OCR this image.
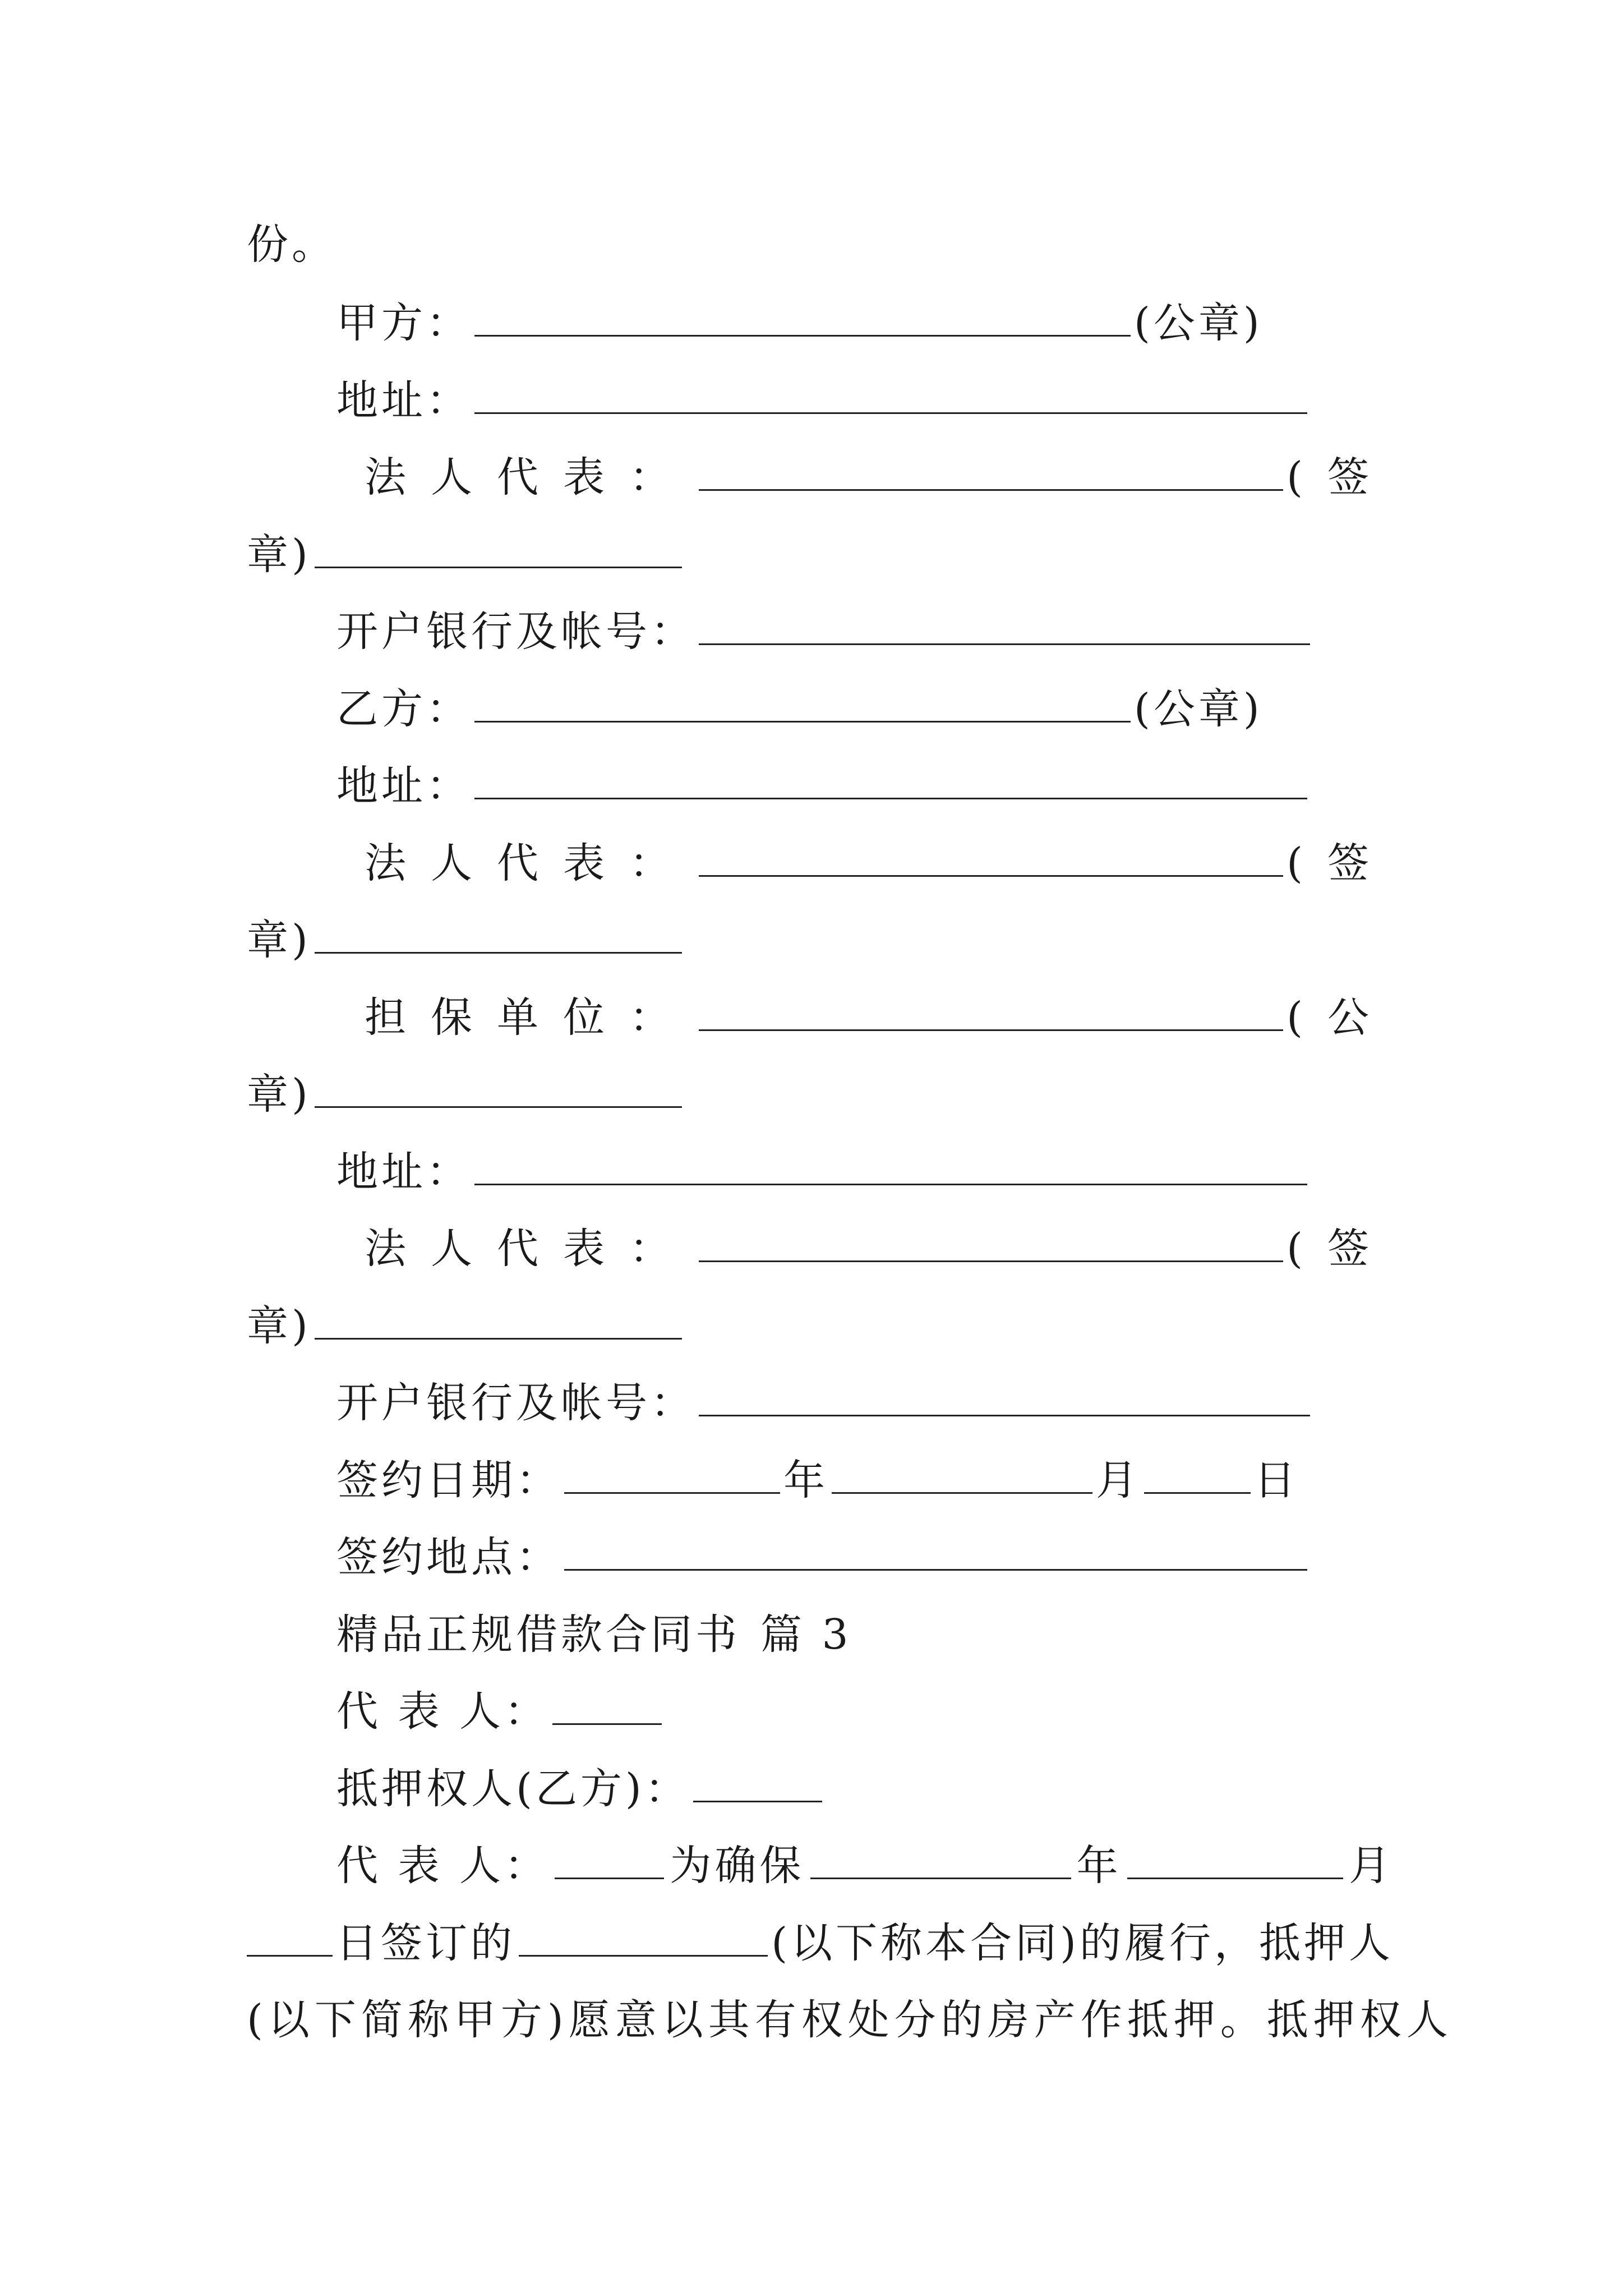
份。
甲方：	(公章)
地址：
法人代表：	(签
章)
开户银行及帐号：
乙方：	(公章)
地址：
法人代表：	(签
章)
担保单位：	(公
章)
地址：
法人代表：	(签
章)
开户银行及帐号：
签约日期：	年	月	日
签约地点：
精品正规借款合同书 篇 3
代 表 人：
抵押权人(乙方)：
代 表 人：	为确保	年	月
日签订的	(以下称本合同)的履行，抵押人
(以下简称甲方)愿意以其有权处分的房产作抵押。抵押权人
